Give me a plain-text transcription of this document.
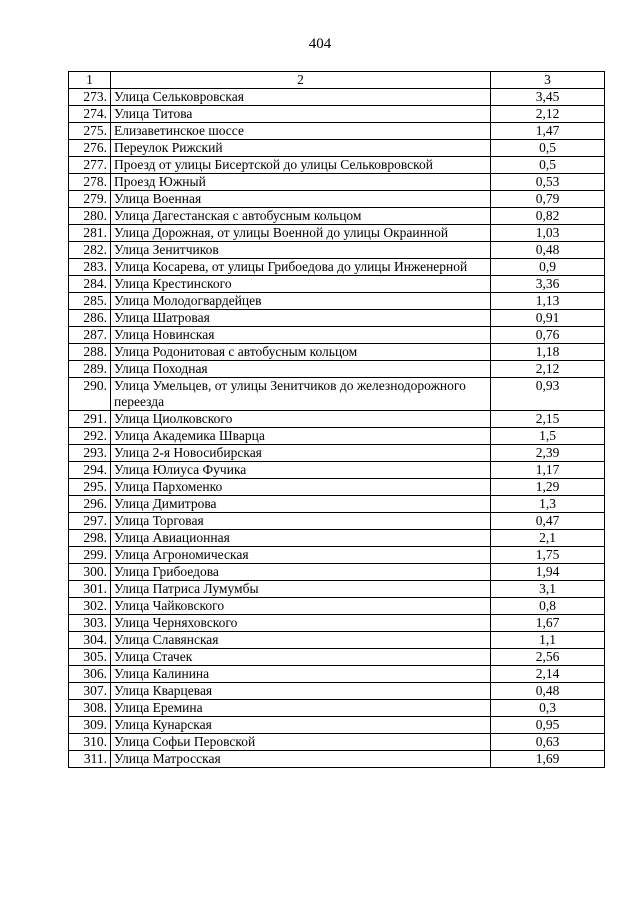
404
1	2	3
273.	Улица Сельковровская	3,45
274.	Улица Титова	2,12
275.	Елизаветинское шоссе	1,47
276.	Переулок Рижский	0,5
277.	Проезд от улицы Бисертской до улицы Сельковровской	0,5
278.	Проезд Южный	0,53
279.	Улица Военная	0,79
280.	Улица Дагестанская с автобусным кольцом	0,82
281.	Улица Дорожная, от улицы Военной до улицы Окраинной	1,03
282.	Улица Зенитчиков	0,48
283.	Улица Косарева, от улицы Грибоедова до улицы Инженерной	0,9
284.	Улица Крестинского	3,36
285.	Улица Молодогвардейцев	1,13
286.	Улица Шатровая	0,91
287.	Улица Новинская	0,76
288.	Улица Родонитовая с автобусным кольцом	1,18
289.	Улица Походная	2,12
290.	Улица Умельцев, от улицы Зенитчиков до железнодорожного переезда	0,93
291.	Улица Циолковского	2,15
292.	Улица Академика Шварца	1,5
293.	Улица 2-я Новосибирская	2,39
294.	Улица Юлиуса Фучика	1,17
295.	Улица Пархоменко	1,29
296.	Улица Димитрова	1,3
297.	Улица Торговая	0,47
298.	Улица Авиационная	2,1
299.	Улица Агрономическая	1,75
300.	Улица Грибоедова	1,94
301.	Улица Патриса Лумумбы	3,1
302.	Улица Чайковского	0,8
303.	Улица Черняховского	1,67
304.	Улица Славянская	1,1
305.	Улица Стачек	2,56
306.	Улица Калинина	2,14
307.	Улица Кварцевая	0,48
308.	Улица Еремина	0,3
309.	Улица Кунарская	0,95
310.	Улица Софьи Перовской	0,63
311.	Улица Матросская	1,69
